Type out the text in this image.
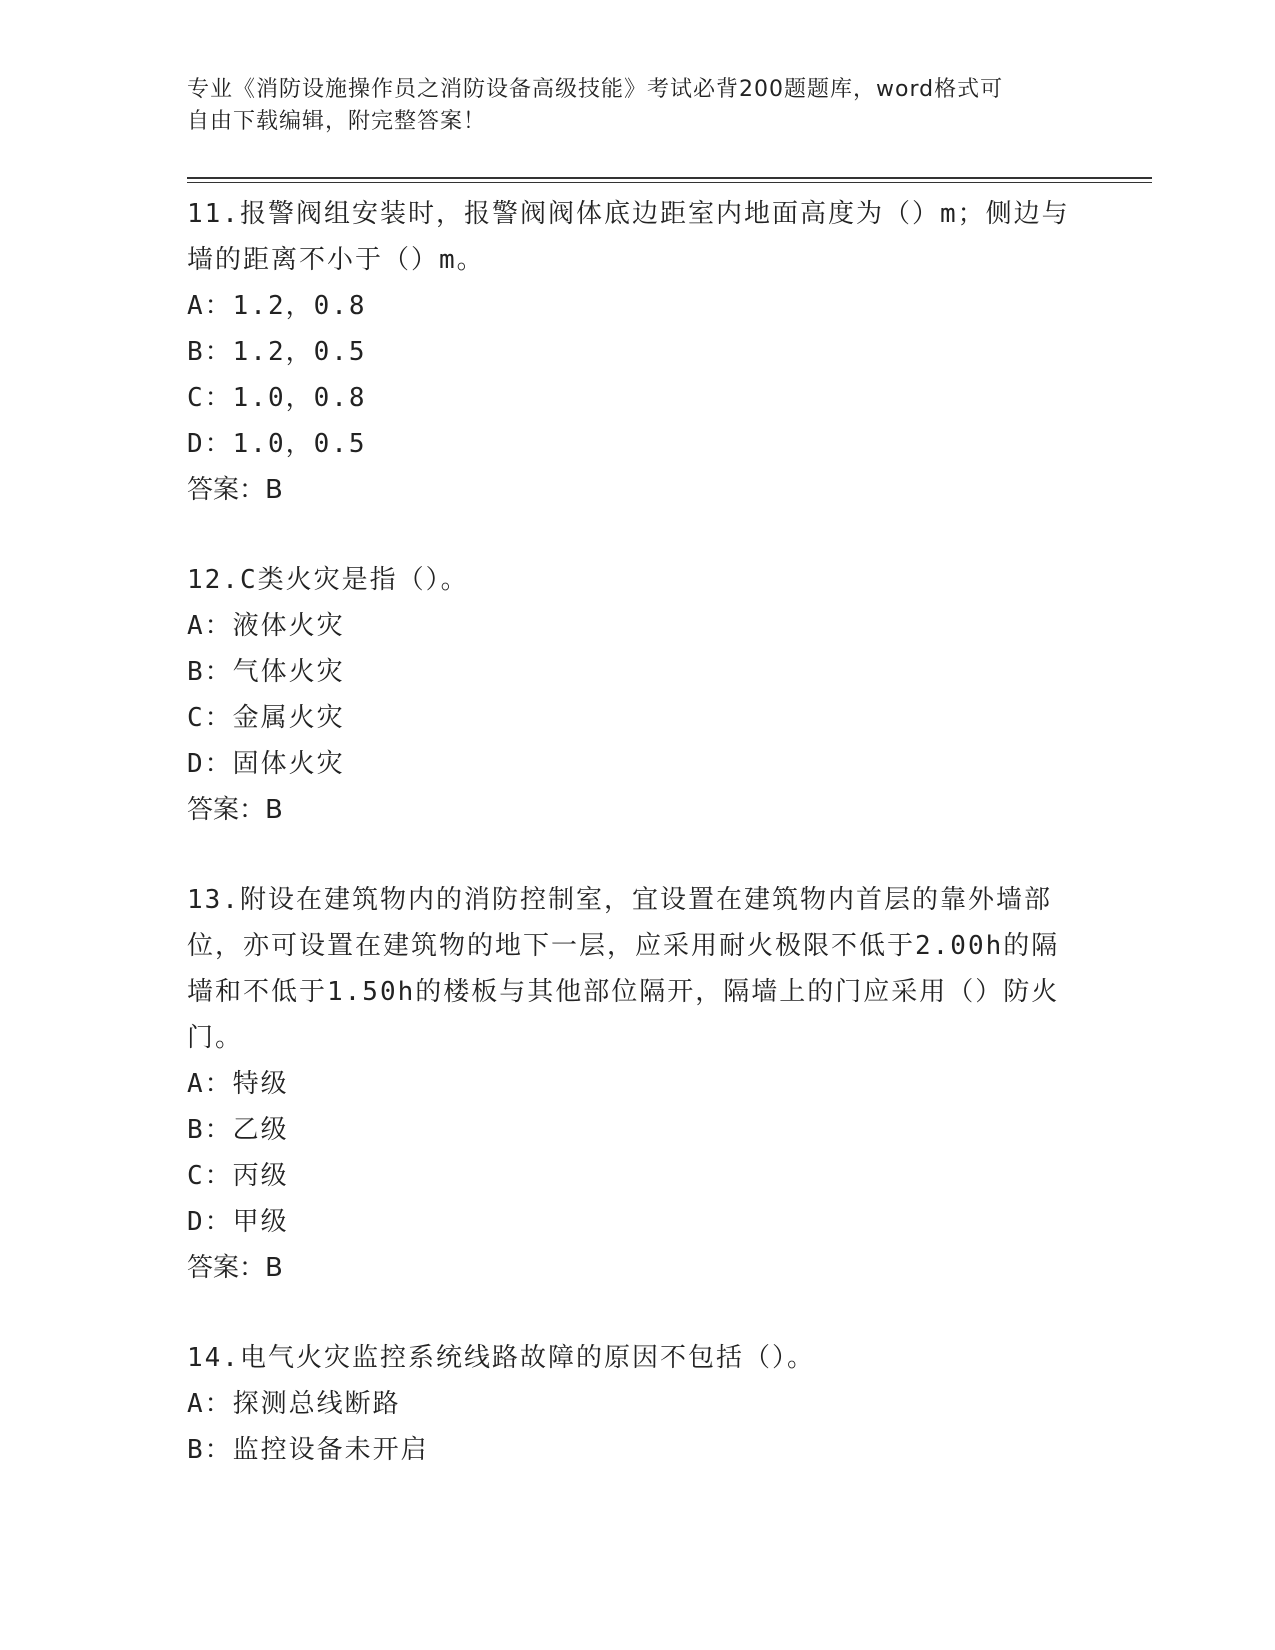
专业《消防设施操作员之消防设备高级技能》考试必背200题题库，word格式可
自由下载编辑，附完整答案！

11.报警阀组安装时，报警阀阀体底边距室内地面高度为（）m；侧边与墙的距离不小于（）m。

A：1.2，0.8

B：1.2，0.5

C：1.0，0.8

D：1.0，0.5

答案：B

12.C类火灾是指（）。

A：液体火灾

B：气体火灾

C：金属火灾

D：固体火灾

答案：B

13.附设在建筑物内的消防控制室，宜设置在建筑物内首层的靠外墙部位，亦可设置在建筑物的地下一层，应采用耐火极限不低于2.00h的隔墙和不低于1.50h的楼板与其他部位隔开，隔墙上的门应采用（）防火门。

A：特级

B：乙级

C：丙级

D：甲级

答案：B

14.电气火灾监控系统线路故障的原因不包括（）。

A：探测总线断路

B：监控设备未开启
